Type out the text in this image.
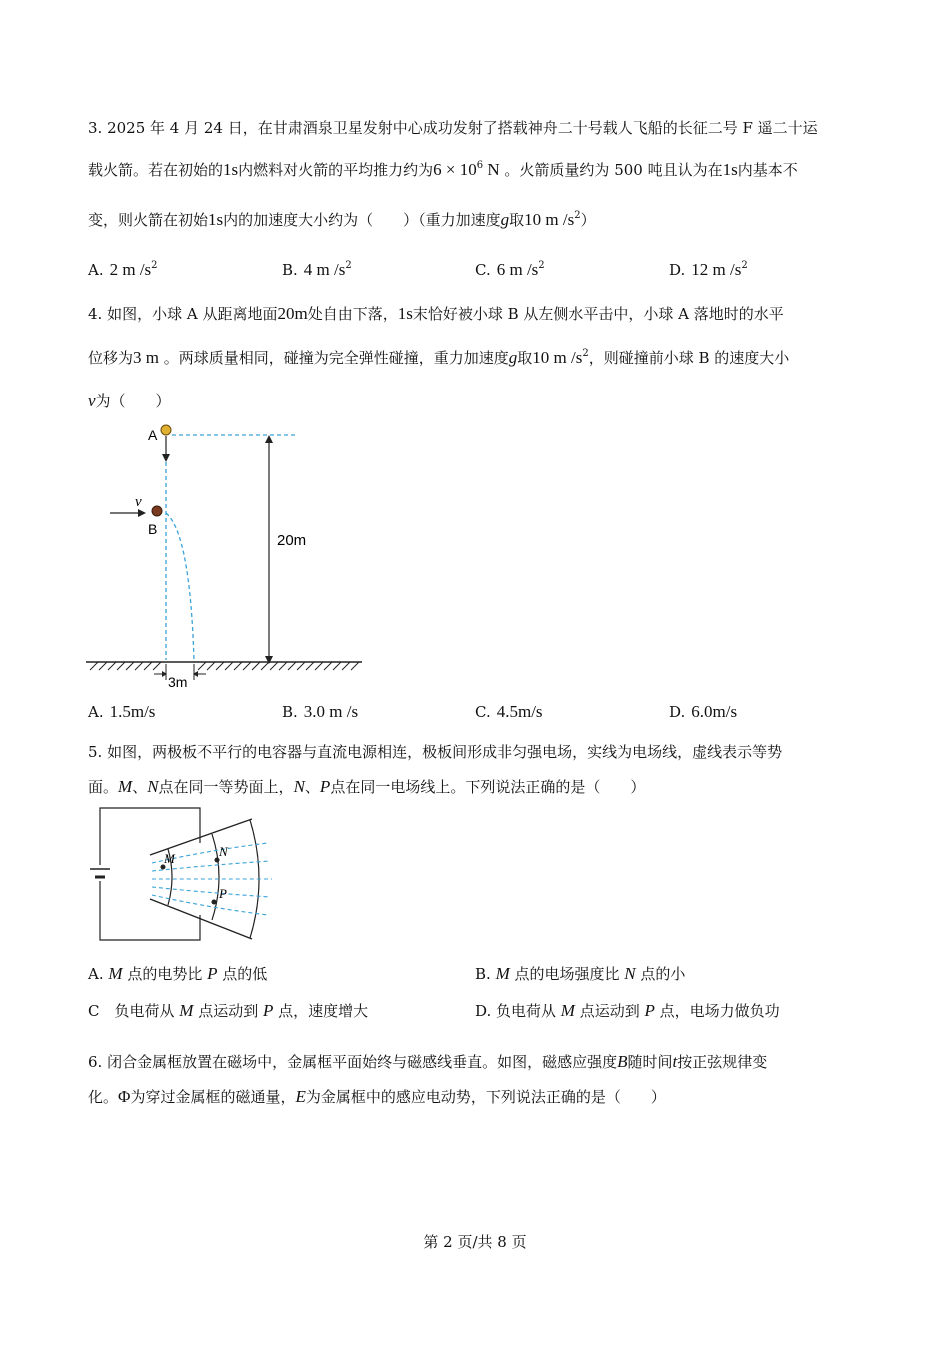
3. 2025 年 4 月 24 日，在甘肃酒泉卫星发射中心成功发射了搭载神舟二十号载人飞船的长征二号 F 遥二十运
载火箭。若在初始的1s内燃料对火箭的平均推力约为$6 \times 10^6$ N 。火箭质量约为 500 吨且认为在1s内基本不
变，则火箭在初始1s内的加速度大小约为（　　）（重力加速度g取10 m $/s^2$）
A. 2 m $/s^2$	B. 4 m $/s^2$	C. 6 m $/s^2$	D. 12 m $/s^2$
4. 如图，小球 A 从距离地面20m处自由下落，1s末恰好被小球 B 从左侧水平击中，小球 A 落地时的水平
位移为3 m 。两球质量相同，碰撞为完全弹性碰撞，重力加速度g取10 m $/s^2$，则碰撞前小球 B 的速度大小
v为（　　）
A
B
v
20m
3m
A. 1.5m/s	B. 3.0 m /s	C. 4.5m/s	D. 6.0m/s
5. 如图，两极板不平行的电容器与直流电源相连，极板间形成非匀强电场，实线为电场线，虚线表示等势
面。M、N点在同一等势面上，N、P点在同一电场线上。下列说法正确的是（　　）
M	N
P
A. M 点的电势比 P 点的低	B. M 点的电场强度比 N 点的小
C　负电荷从 M 点运动到 P 点，速度增大	D. 负电荷从 M 点运动到 P 点，电场力做负功
6. 闭合金属框放置在磁场中，金属框平面始终与磁感线垂直。如图，磁感应强度B随时间t按正弦规律变
化。Φ为穿过金属框的磁通量，E为金属框中的感应电动势，下列说法正确的是（　　）
第 2 页/共 8 页
